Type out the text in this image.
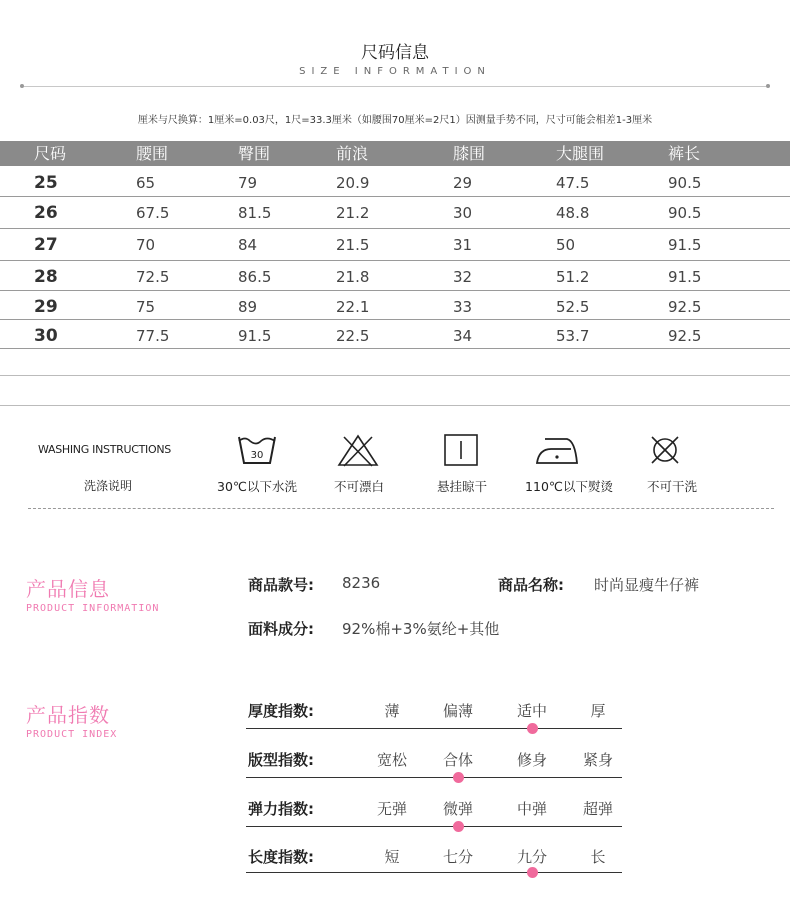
尺码信息
SIZE INFORMATION
厘米与尺换算：1厘米=0.03尺，1尺=33.3厘米（如腰围70厘米=2尺1）因测量手势不同，尺寸可能会相差1-3厘米
尺码	腰围	臀围	前浪	膝围	大腿围	裤长
25	65	79	20.9	29	47.5	90.5
26	67.5	81.5	21.2	30	48.8	90.5
27	70	84	21.5	31	50	91.5
28	72.5	86.5	21.8	32	51.2	91.5
29	75	89	22.1	33	52.5	92.5
30	77.5	91.5	22.5	34	53.7	92.5
WASHING INSTRUCTIONS
洗涤说明
30
30℃以下水洗	不可漂白	悬挂晾干	110℃以下熨烫	不可干洗
产品信息
PRODUCT INFORMATION
商品款号: 8236	商品名称: 时尚显瘦牛仔裤
面料成分: 92%棉+3%氨纶+其他
产品指数
PRODUCT INDEX
厚度指数:	薄	偏薄	适中	厚
版型指数:	宽松	合体	修身	紧身
弹力指数:	无弹	微弹	中弹	超弹
长度指数:	短	七分	九分	长
